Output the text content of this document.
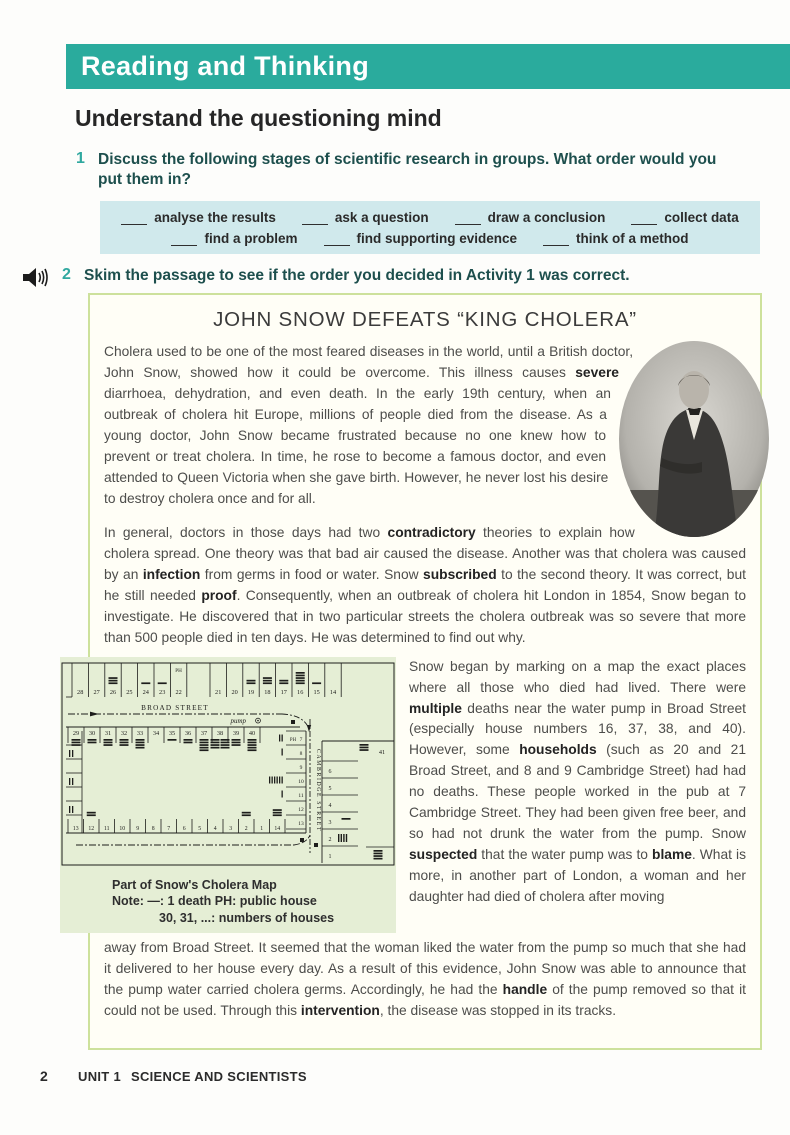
Reading and Thinking
Understand the questioning mind
1 Discuss the following stages of scientific research in groups. What order would you put them in?
analyse the results	ask a question	draw a conclusion	collect data
find a problem	find supporting evidence	think of a method
2 Skim the passage to see if the order you decided in Activity 1 was correct.
JOHN SNOW DEFEATS “KING CHOLERA”
Cholera used to be one of the most feared diseases in the world, until a British doctor, John Snow, showed how it could be overcome. This illness causes severe diarrhoea, dehydration, and even death. In the early 19th century, when an outbreak of cholera hit Europe, millions of people died from the disease. As a young doctor, John Snow became frustrated because no one knew how to prevent or treat cholera. In time, he rose to become a famous doctor, and even attended to Queen Victoria when she gave birth. However, he never lost his desire to destroy cholera once and for all.
In general, doctors in those days had two contradictory theories to explain how cholera spread. One theory was that bad air caused the disease. Another was that cholera was caused by an infection from germs in food or water. Snow subscribed to the second theory. It was correct, but he still needed proof. Consequently, when an outbreak of cholera hit London in 1854, Snow began to investigate. He discovered that in two particular streets the cholera outbreak was so severe that more than 500 people died in ten days. He was determined to find out why.
28 27 26 25 24 23 22
PH
21 20 19 18 17 16 15 14
BROAD STREET
pump
29 30 31 32 33 34 35 36 37 38 39 40
CAMBRIDGE STREET
7
PH
8
9
10
11
12
13
13 12 11 10 9 8 7 6 5 4 3 2 1 14
41
6
5
4
3
2
1
Part of Snow's Cholera Map
Note: —: 1 death PH: public house
30, 31, ...: numbers of houses
Snow began by marking on a map the exact places where all those who died had lived. There were multiple deaths near the water pump in Broad Street (especially house numbers 16, 37, 38, and 40). However, some households (such as 20 and 21 Broad Street, and 8 and 9 Cambridge Street) had had no deaths. These people worked in the pub at 7 Cambridge Street. They had been given free beer, and so had not drunk the water from the pump. Snow suspected that the water pump was to blame. What is more, in another part of London, a woman and her daughter had died of cholera after moving
away from Broad Street. It seemed that the woman liked the water from the pump so much that she had it delivered to her house every day. As a result of this evidence, John Snow was able to announce that the pump water carried cholera germs. Accordingly, he had the handle of the pump removed so that it could not be used. Through this intervention, the disease was stopped in its tracks.
2	UNIT 1 SCIENCE AND SCIENTISTS
